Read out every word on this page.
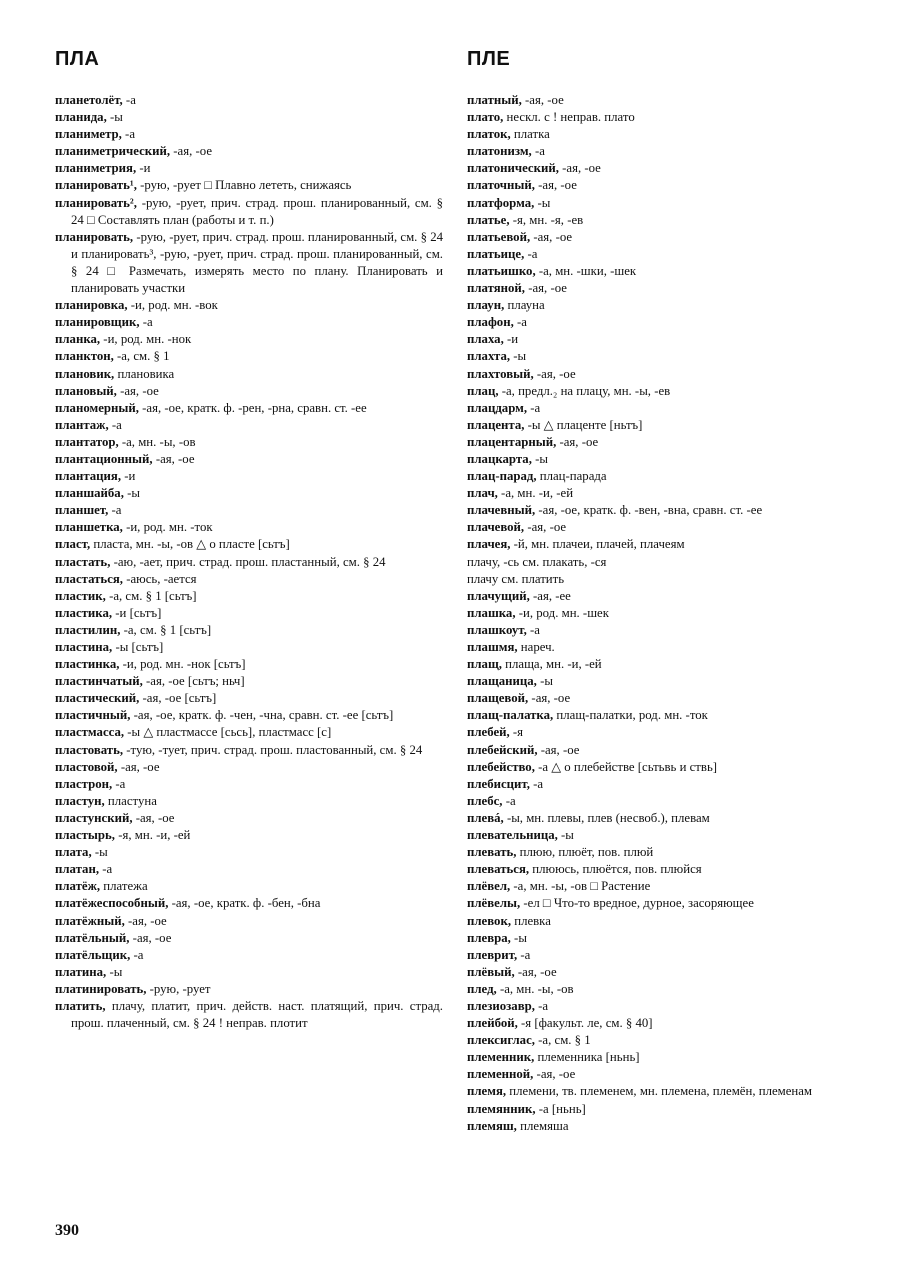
ПЛА	ПЛЕ

планетолёт, -а

планида, -ы

планиметр, -а

планиметрический, -ая, -ое

планиметрия, -и

планировать¹, -рую, -рует □ Плавно лететь, снижаясь

планировать², -рую, -рует, прич. страд. прош. планированный, см. § 24 □ Составлять план (работы и т. п.)

планировать, -рую, -рует, прич. страд. прош. планированный, см. § 24 и планировать³, -рую, -рует, прич. страд. прош. планированный, см. § 24 □ Размечать, измерять место по плану. Планировать и планировать участки

планировка, -и, род. мн. -вок

планировщик, -а

планка, -и, род. мн. -нок

планктон, -а, см. § 1

плановик, плановика

плановый, -ая, -ое

планомерный, -ая, -ое, кратк. ф. -рен, -рна, сравн. ст. -ее

плантаж, -а

плантатор, -а, мн. -ы, -ов

плантационный, -ая, -ое

плантация, -и

планшайба, -ы

планшет, -а

планшетка, -и, род. мн. -ток

пласт, пласта, мн. -ы, -ов △ о пласте [сьтъ]

пластать, -аю, -ает, прич. страд. прош. пластанный, см. § 24

пластаться, -аюсь, -ается

пластик, -а, см. § 1 [сьтъ]

пластика, -и [сьтъ]

пластилин, -а, см. § 1 [сьтъ]

пластина, -ы [сьтъ]

пластинка, -и, род. мн. -нок [сьтъ]

пластинчатый, -ая, -ое [сьтъ; ньч]

пластический, -ая, -ое [сьтъ]

пластичный, -ая, -ое, кратк. ф. -чен, -чна, сравн. ст. -ее [сьтъ]

пластмасса, -ы △ пластмассе [сьсь], пластмасс [с]

пластовать, -тую, -тует, прич. страд. прош. пластованный, см. § 24

пластовой, -ая, -ое

пластрон, -а

пластун, пластуна

пластунский, -ая, -ое

пластырь, -я, мн. -и, -ей

плата, -ы

платан, -а

платёж, платежа

платёжеспособный, -ая, -ое, кратк. ф. -бен, -бна

платёжный, -ая, -ое

платёльный, -ая, -ое

платёльщик, -а

платина, -ы

платинировать, -рую, -рует

платить, плачу, платит, прич. действ. наст. платящий, прич. страд. прош. плаченный, см. § 24 ! неправ. плотит

платный, -ая, -ое

плато, нескл. с ! неправ. плато

платок, платка

платонизм, -а

платонический, -ая, -ое

платочный, -ая, -ое

платформа, -ы

платье, -я, мн. -я, -ев

платьевой, -ая, -ое

платьице, -а

платьишко, -а, мн. -шки, -шек

платяной, -ая, -ое

плаун, плауна

плафон, -а

плаха, -и

плахта, -ы

плахтовый, -ая, -ое

плац, -а, предл.₂ на плацу, мн. -ы, -ев

плацдарм, -а

плацента, -ы △ плаценте [ньтъ]

плацентарный, -ая, -ое

плацкарта, -ы

плац-парад, плац-парада

плач, -а, мн. -и, -ей

плачевный, -ая, -ое, кратк. ф. -вен, -вна, сравн. ст. -ее

плачевой, -ая, -ое

плачея, -й, мн. плачеи, плачей, плачеям

плачу, -сь см. плакать, -ся

плачу см. платить

плачущий, -ая, -ее

плашка, -и, род. мн. -шек

плашкоут, -а

плашмя, нареч.

плащ, плаща, мн. -и, -ей

плащаница, -ы

плащевой, -ая, -ое

плащ-палатка, плащ-палатки, род. мн. -ток

плебей, -я

плебейский, -ая, -ое

плебейство, -а △ о плебействе [сьтьвь и ствь]

плебисцит, -а

плебс, -а

плевá, -ы, мн. плевы, плев (несвоб.), плевам

плевательница, -ы

плевать, плюю, плюёт, пов. плюй

плеваться, плююсь, плюётся, пов. плюйся

плёвел, -а, мн. -ы, -ов □ Растение

плёвелы, -ел □ Что-то вредное, дурное, засоряющее

плевок, плевка

плевра, -ы

плеврит, -а

плёвый, -ая, -ое

плед, -а, мн. -ы, -ов

плезиозавр, -а

плейбой, -я [факульт. ле, см. § 40]

плексиглас, -а, см. § 1

племенник, племенника [ньнь]

племенной, -ая, -ое

племя, племени, тв. племенем, мн. племена, племён, племенам

племянник, -а [ньнь]

племяш, племяша

390
